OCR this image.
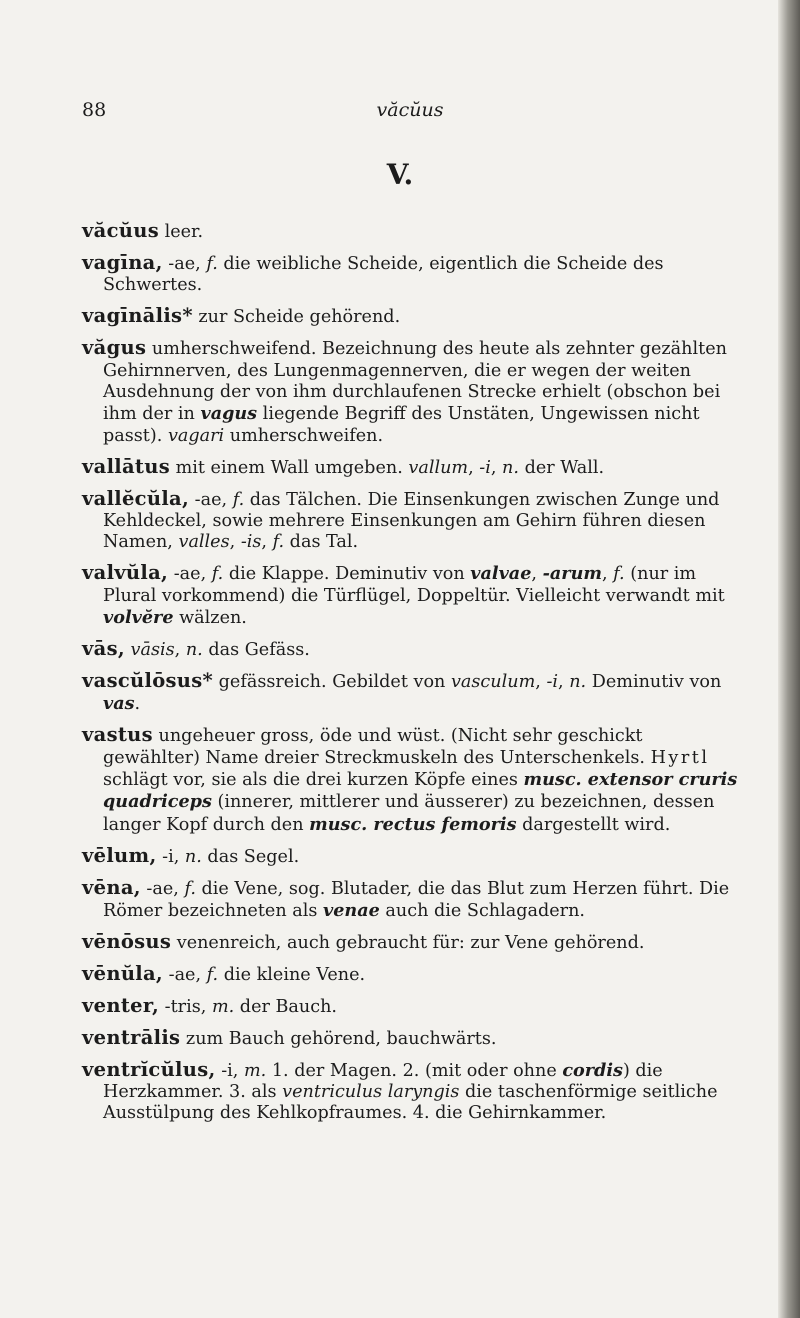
88	văcŭus
V.

văcŭus leer.

vagīna, -ae, f. die weibliche Scheide, eigentlich die Scheide des Schwertes.

vagīnālis* zur Scheide gehörend.

văgus umherschweifend. Bezeichnung des heute als zehnter gezählten Gehirnnerven, des Lungenmagennerven, die er wegen der weiten Ausdehnung der von ihm durchlaufenen Strecke erhielt (obschon bei ihm der in vagus liegende Begriff des Unstäten, Ungewissen nicht passt). vagari umherschweifen.

vallātus mit einem Wall umgeben. vallum, -i, n. der Wall.

vallĕcŭla, -ae, f. das Tälchen. Die Einsenkungen zwischen Zunge und Kehldeckel, sowie mehrere Einsenkungen am Gehirn führen diesen Namen, valles, -is, f. das Tal.

valvŭla, -ae, f. die Klappe. Deminutiv von valvae, -arum, f. (nur im Plural vorkommend) die Türflügel, Doppeltür. Vielleicht verwandt mit volvĕre wälzen.

vās, vāsis, n. das Gefäss.

vascŭlōsus* gefässreich. Gebildet von vasculum, -i, n. Deminutiv von vas.

vastus ungeheuer gross, öde und wüst. (Nicht sehr geschickt gewählter) Name dreier Streckmuskeln des Unterschenkels. Hyrtl schlägt vor, sie als die drei kurzen Köpfe eines musc. extensor cruris quadriceps (innerer, mittlerer und äusserer) zu bezeichnen, dessen langer Kopf durch den musc. rectus femoris dargestellt wird.

vēlum, -i, n. das Segel.

vēna, -ae, f. die Vene, sog. Blutader, die das Blut zum Herzen führt. Die Römer bezeichneten als venae auch die Schlagadern.

vēnōsus venenreich, auch gebraucht für: zur Vene gehörend.

vēnŭla, -ae, f. die kleine Vene.

venter, -tris, m. der Bauch.

ventrālis zum Bauch gehörend, bauchwärts.

ventrĭcŭlus, -i, m. 1. der Magen. 2. (mit oder ohne cordis) die Herzkammer. 3. als ventriculus laryngis die taschenförmige seitliche Ausstülpung des Kehlkopfraumes. 4. die Gehirnkammer.
